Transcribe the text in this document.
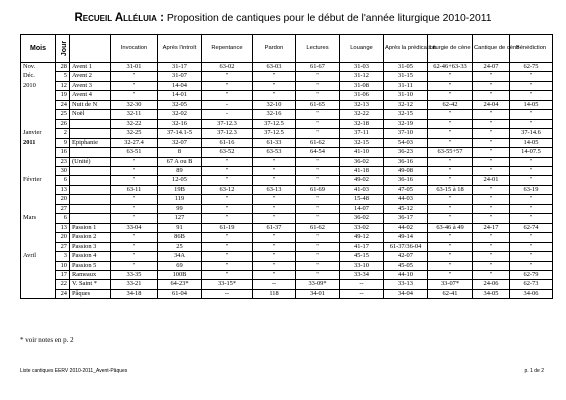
Recueil Alléluia : Proposition de cantiques pour le début de l'année liturgique 2010-2011
Mois	Jour		Invocation	Après l'introït	Repentance	Pardon	Lectures	Louange	Après la prédication	Liturgie de cène	Cantique de cène	Bénédiction
Nov.	28	Avent 1	31-01	31-17	63-02	63-03	61-67	31-03	31-05	62-46+63-33	24-07	62-75
Déc.	5	Avent 2	"	31-07	"	"	"	31-12	31-15	"	"	"
2010	12	Avent 3	"	14-04	"	"	"	31-08	31-11	"	"	"
	19	Avent 4	"	14-01	"	"	"	31-06	31-10	"	"	"
	24	Nuit de N	32-30	32-05	-	32-10	61-65	32-13	32-12	62-42	24-04	14-05
	25	Noël	32-11	32-02	-	32-16	"	32-22	32-15	"	"	"
	26		32-22	32-16	37-12.3	37-12.5	"	32-18	32-19	"	"	"
Janvier	2		32-25	37-14.1-5	37-12.3	37-12.5	"	37-11	37-10	"	"	37-14.6
2011	9	Epiphanie	32-27.4	32-07	61-16	61-33	61-62	32-15	54-03	"	"	14-05
	16		63-51	8	63-52	63-53	64-54	41-10	36-23	63-55+57	"	14-07.5
	23	(Unité)	"	67 A ou B	"	"	"	36-02	36-16	"	"	"
	30		"	89	"	"	"	41-18	49-08	"	"	"
Février	6		"	12-05	"	"	"	49-02	36-16	"	24-01	"
	13		63-11	19B	63-12	63-13	61-69	41-03	47-05	63-15 à 18	"	63-19
	20		"	119	"	"	"	15-48	44-03	"	"	"
	27		"	99	"	"	"	14-07	45-12	"	"	"
Mars	6		"	127	"	"	"	36-02	36-17	"	"	"
	13	Passion 1	33-04	91	61-19	61-37	61-62	33-02	44-02	63-46 à 49	24-17	62-74
	20	Passion 2	"	86B	"	"	"	49-12	49-14	"	"	"
	27	Passion 3	"	25	"	"	"	41-17	61-37/36-04	"	"	"
Avril	3	Passion 4	"	34A	"	"	"	45-15	42-07	"	"	"
	10	Passion 5	"	69	"	"	"	33-10	45-05	"	"	"
	17	Rameaux	33-35	100B	"	"	"	33-34	44-10	"	"	62-79
	22	V. Saint *	33-21	64-23*	33-15*	--	33-09*	--	33-13	33-07*	24-06	62-73
	24	Pâques	34-18	61-04	--	118	34-01	--	34-04	62-41	34-05	34-06
* voir notes en p. 2
Liste cantiques EERV 2010-2011_Avent-Pâques	p. 1 de 2
